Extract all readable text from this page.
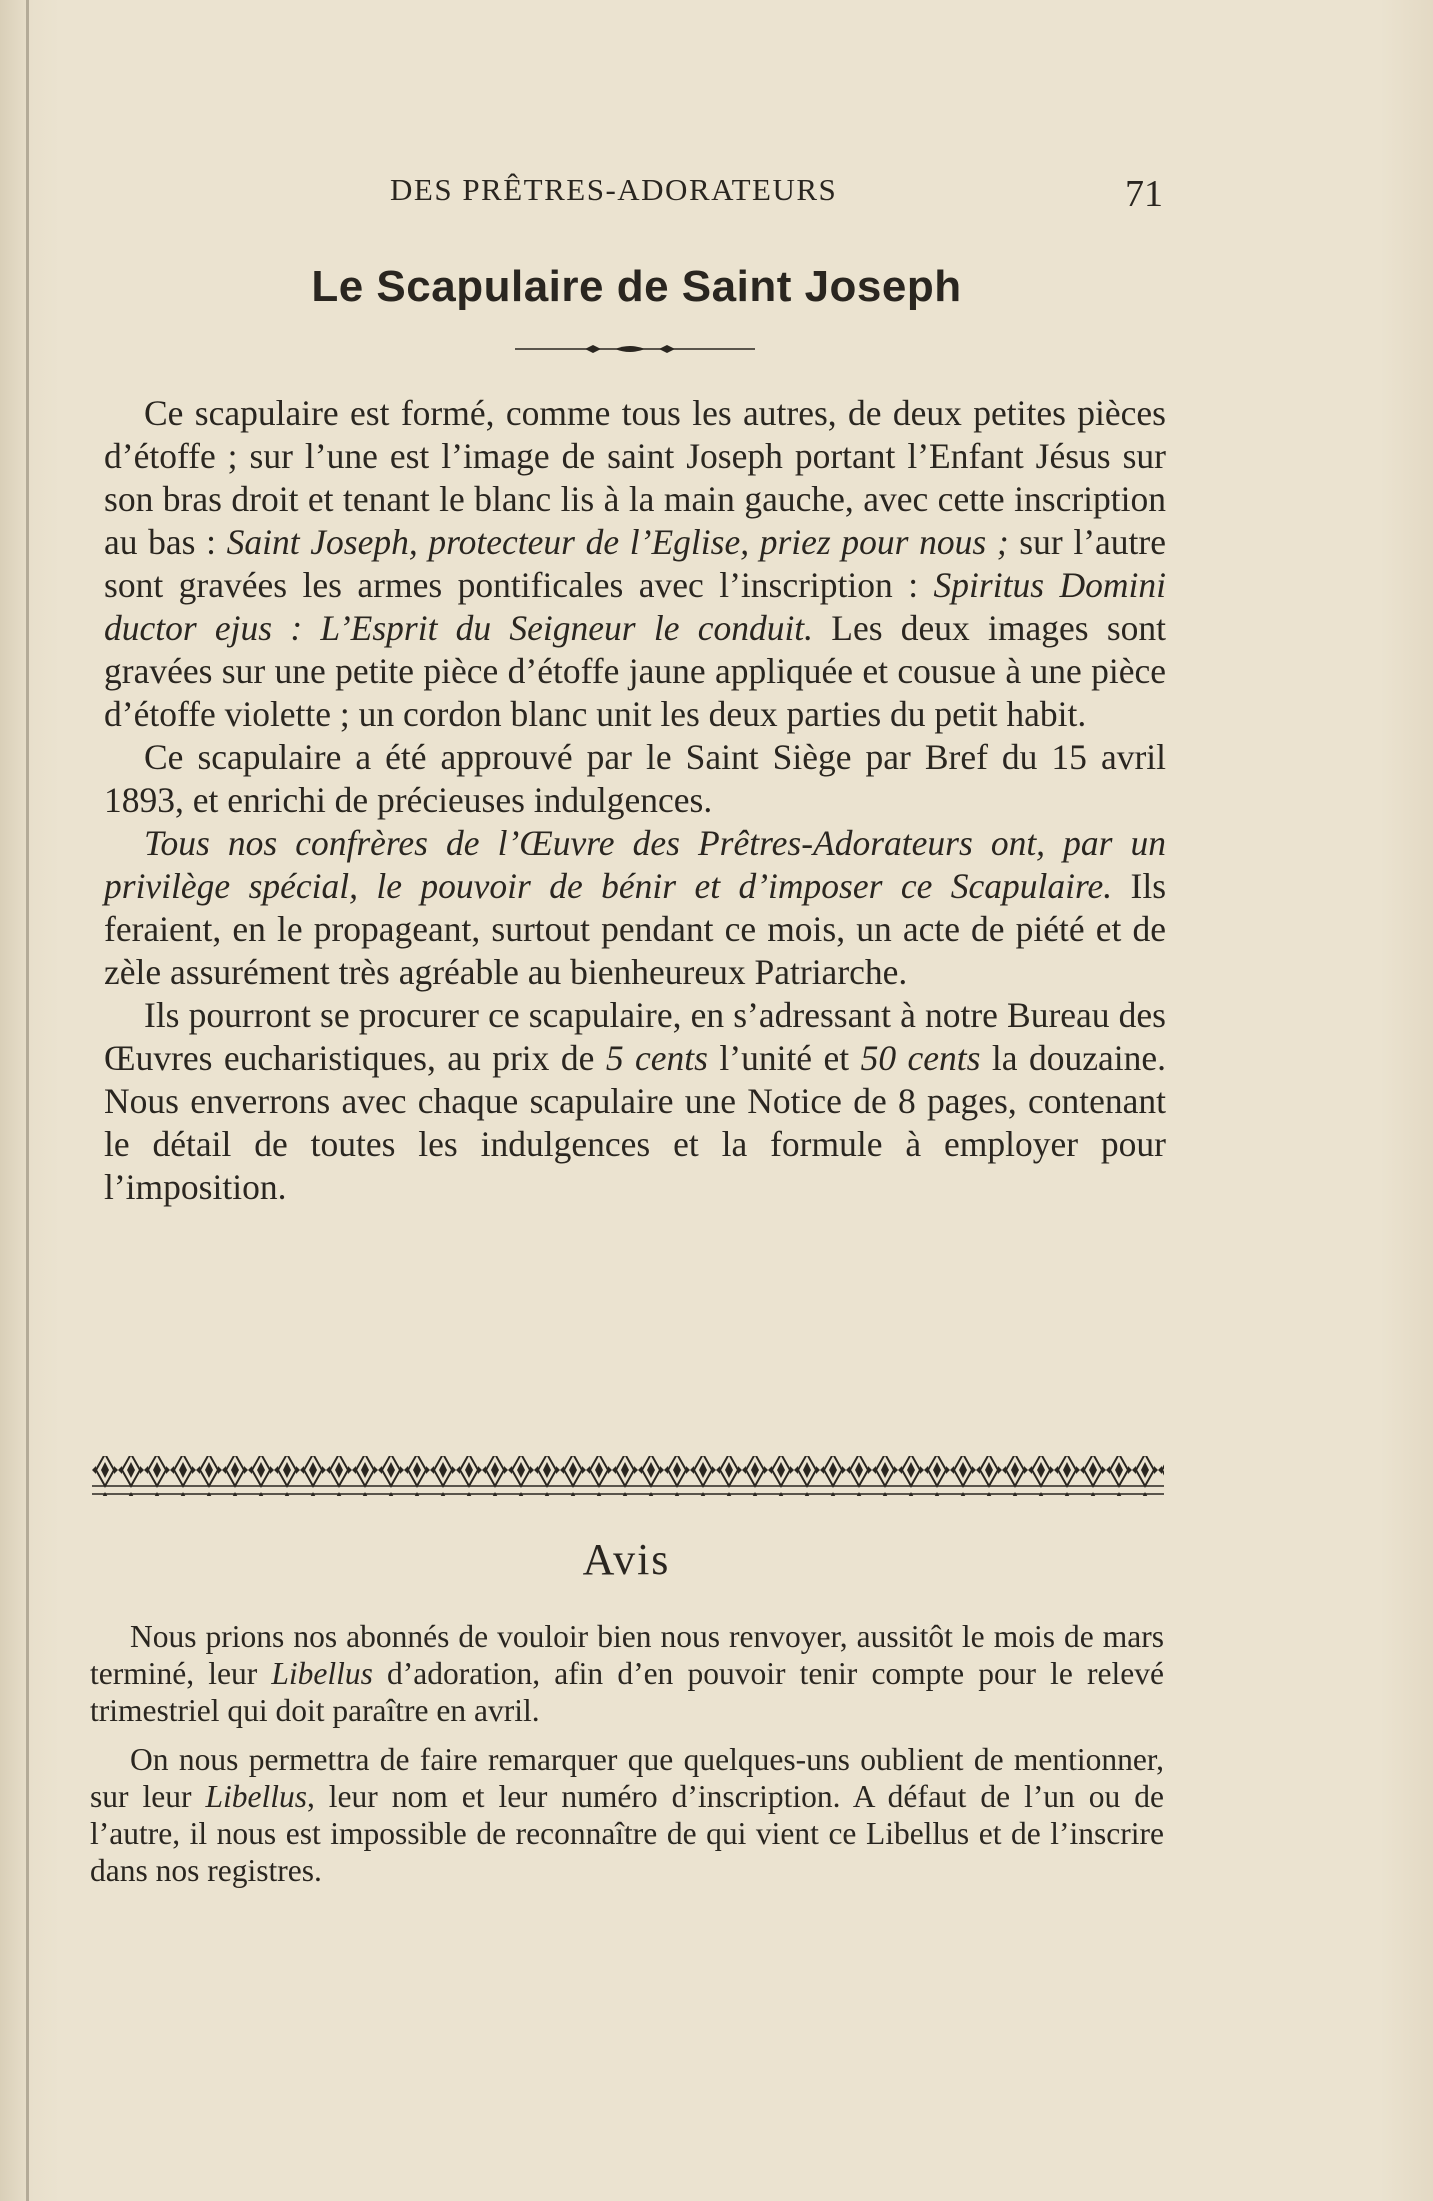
DES PRÊTRES-ADORATEURS	71
Le Scapulaire de Saint Joseph

Ce scapulaire est formé, comme tous les autres, de deux petites pièces d’étoffe ; sur l’une est l’image de saint Joseph portant l’Enfant Jésus sur son bras droit et tenant le blanc lis à la main gauche, avec cette inscription au bas : Saint Joseph, protecteur de l’Eglise, priez pour nous ; sur l’autre sont gravées les armes pontificales avec l’inscription : Spiritus Domini ductor ejus : L’Esprit du Seigneur le conduit. Les deux images sont gravées sur une petite pièce d’étoffe jaune appliquée et cousue à une pièce d’étoffe violette ; un cordon blanc unit les deux parties du petit habit.

Ce scapulaire a été approuvé par le Saint Siège par Bref du 15 avril 1893, et enrichi de précieuses indulgences.

Tous nos confrères de l’Œuvre des Prêtres-Adorateurs ont, par un privilège spécial, le pouvoir de bénir et d’imposer ce Scapulaire. Ils feraient, en le propageant, surtout pendant ce mois, un acte de piété et de zèle assurément très agréable au bienheureux Patriarche.

Ils pourront se procurer ce scapulaire, en s’adressant à notre Bureau des Œuvres eucharistiques, au prix de 5 cents l’unité et 50 cents la douzaine. Nous enverrons avec chaque scapulaire une Notice de 8 pages, contenant le détail de toutes les indulgences et la formule à employer pour l’imposition.

Avis

Nous prions nos abonnés de vouloir bien nous renvoyer, aussitôt le mois de mars terminé, leur Libellus d’adoration, afin d’en pouvoir tenir compte pour le relevé trimestriel qui doit paraître en avril.

On nous permettra de faire remarquer que quelques-uns oublient de mentionner, sur leur Libellus, leur nom et leur numéro d’inscription. A défaut de l’un ou de l’autre, il nous est impossible de reconnaître de qui vient ce Libellus et de l’inscrire dans nos registres.
